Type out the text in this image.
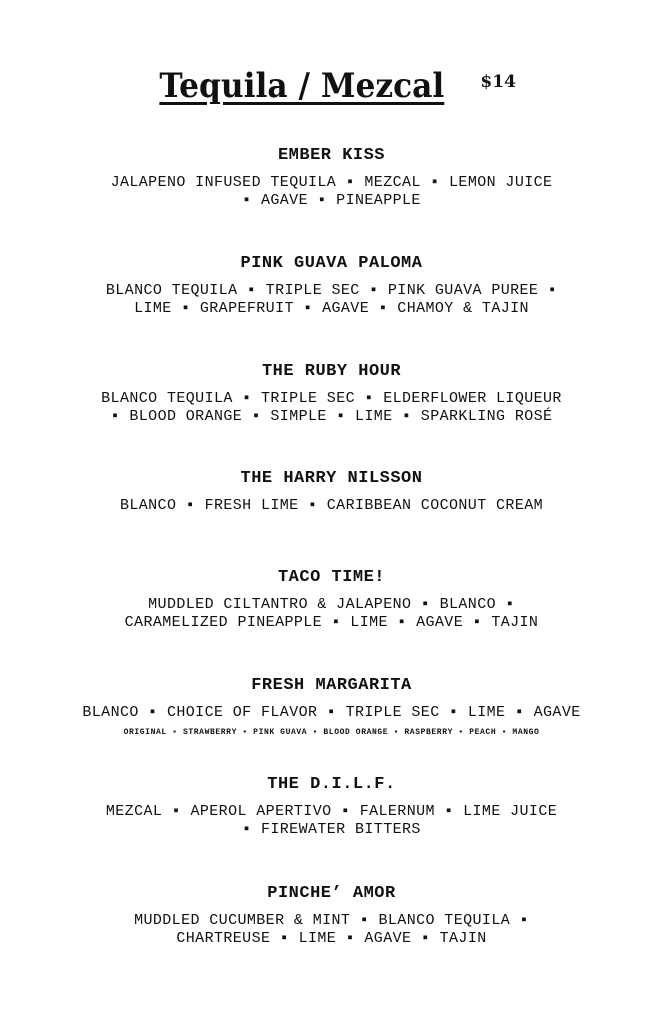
Tequila / Mezcal $14
EMBER KISS
JALAPENO INFUSED TEQUILA ▪ MEZCAL ▪ LEMON JUICE
▪ AGAVE ▪ PINEAPPLE
PINK GUAVA PALOMA
BLANCO TEQUILA ▪ TRIPLE SEC ▪ PINK GUAVA PUREE ▪
LIME ▪ GRAPEFRUIT ▪ AGAVE ▪ CHAMOY & TAJIN
THE RUBY HOUR
BLANCO TEQUILA ▪ TRIPLE SEC ▪ ELDERFLOWER LIQUEUR
▪ BLOOD ORANGE ▪ SIMPLE ▪ LIME ▪ SPARKLING ROSÉ
THE HARRY NILSSON
BLANCO ▪ FRESH LIME ▪ CARIBBEAN COCONUT CREAM
TACO TIME!
MUDDLED CILTANTRO & JALAPENO ▪ BLANCO ▪
CARAMELIZED PINEAPPLE ▪ LIME ▪ AGAVE ▪ TAJIN
FRESH MARGARITA
BLANCO ▪ CHOICE OF FLAVOR ▪ TRIPLE SEC ▪ LIME ▪ AGAVE
ORIGINAL ▪ STRAWBERRY ▪ PINK GUAVA ▪ BLOOD ORANGE ▪ RASPBERRY ▪ PEACH ▪ MANGO
THE D.I.L.F.
MEZCAL ▪ APEROL APERTIVO ▪ FALERNUM ▪ LIME JUICE
▪ FIREWATER BITTERS
PINCHE’ AMOR
MUDDLED CUCUMBER & MINT ▪ BLANCO TEQUILA ▪
CHARTREUSE ▪ LIME ▪ AGAVE ▪ TAJIN
